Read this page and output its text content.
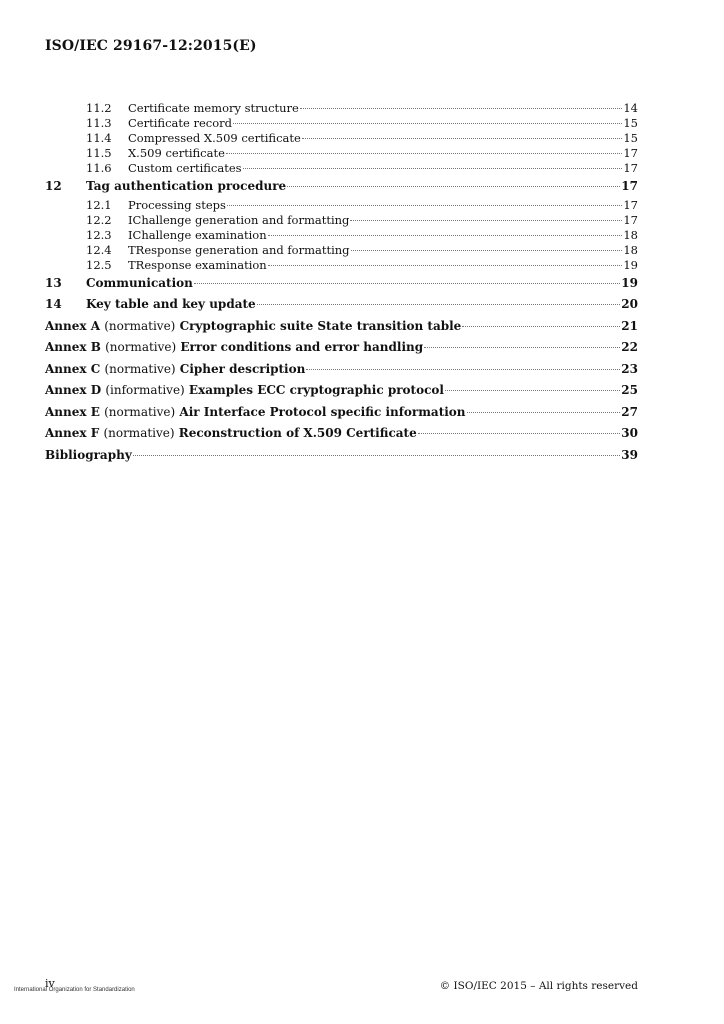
ISO/IEC 29167-12:2015(E)
11.2	Certificate memory structure	14
11.3	Certificate record	15
11.4	Compressed X.509 certificate	15
11.5	X.509 certificate	17
11.6	Custom certificates	17
12	Tag authentication procedure	17
12.1	Processing steps	17
12.2	IChallenge generation and formatting	17
12.3	IChallenge examination	18
12.4	TResponse generation and formatting	18
12.5	TResponse examination	19
13	Communication	19
14	Key table and key update	20
Annex A (normative) Cryptographic suite State transition table	21
Annex B (normative) Error conditions and error handling	22
Annex C (normative) Cipher description	23
Annex D (informative) Examples ECC cryptographic protocol	25
Annex E (normative) Air Interface Protocol specific information	27
Annex F (normative) Reconstruction of X.509 Certificate	30
Bibliography	39
iv
International Organization for Standardization	© ISO/IEC 2015 – All rights reserved
